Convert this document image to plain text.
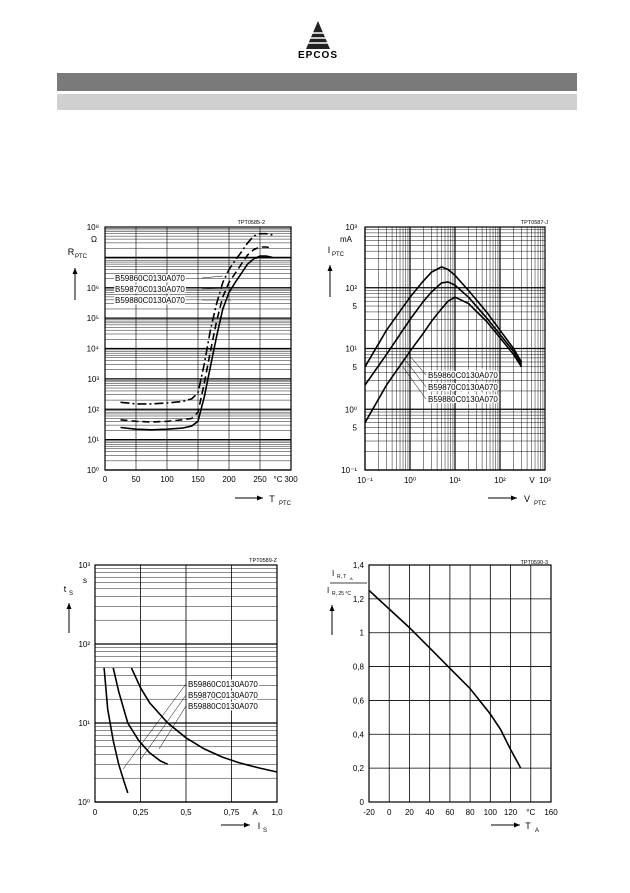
EPCOS
10⁰
10¹
10²
10³
10⁴
10⁵
10⁶
10⁸
0	50 100 150 200 250 300
°C
Ω
TPT0585-2
R PTC
T PTC
B59860C0130A070
B59870C0130A070
B59880C0130A070
10⁻¹
5
10⁰
5
10¹
5
10²
10³
10⁻¹	10⁰	10¹	10²	10³
V
mA
TPT0587-J
I PTC
V PTC
B59860C0130A070
B59870C0130A070
B59880C0130A070
10⁰
10¹
10²
10³
0	0,25	0,5	0,75	1,0
A
s
TPT0589-Z
t S
I S
B59860C0130A070
B59870C0130A070
B59880C0130A070
0
0,2
0,4
0,6
0,8
1
1,2
1,4
-20 0 20 40 60 80 100 120	160
°C
TPT0590-3
I R, T A
I R, 25 °C
T A
